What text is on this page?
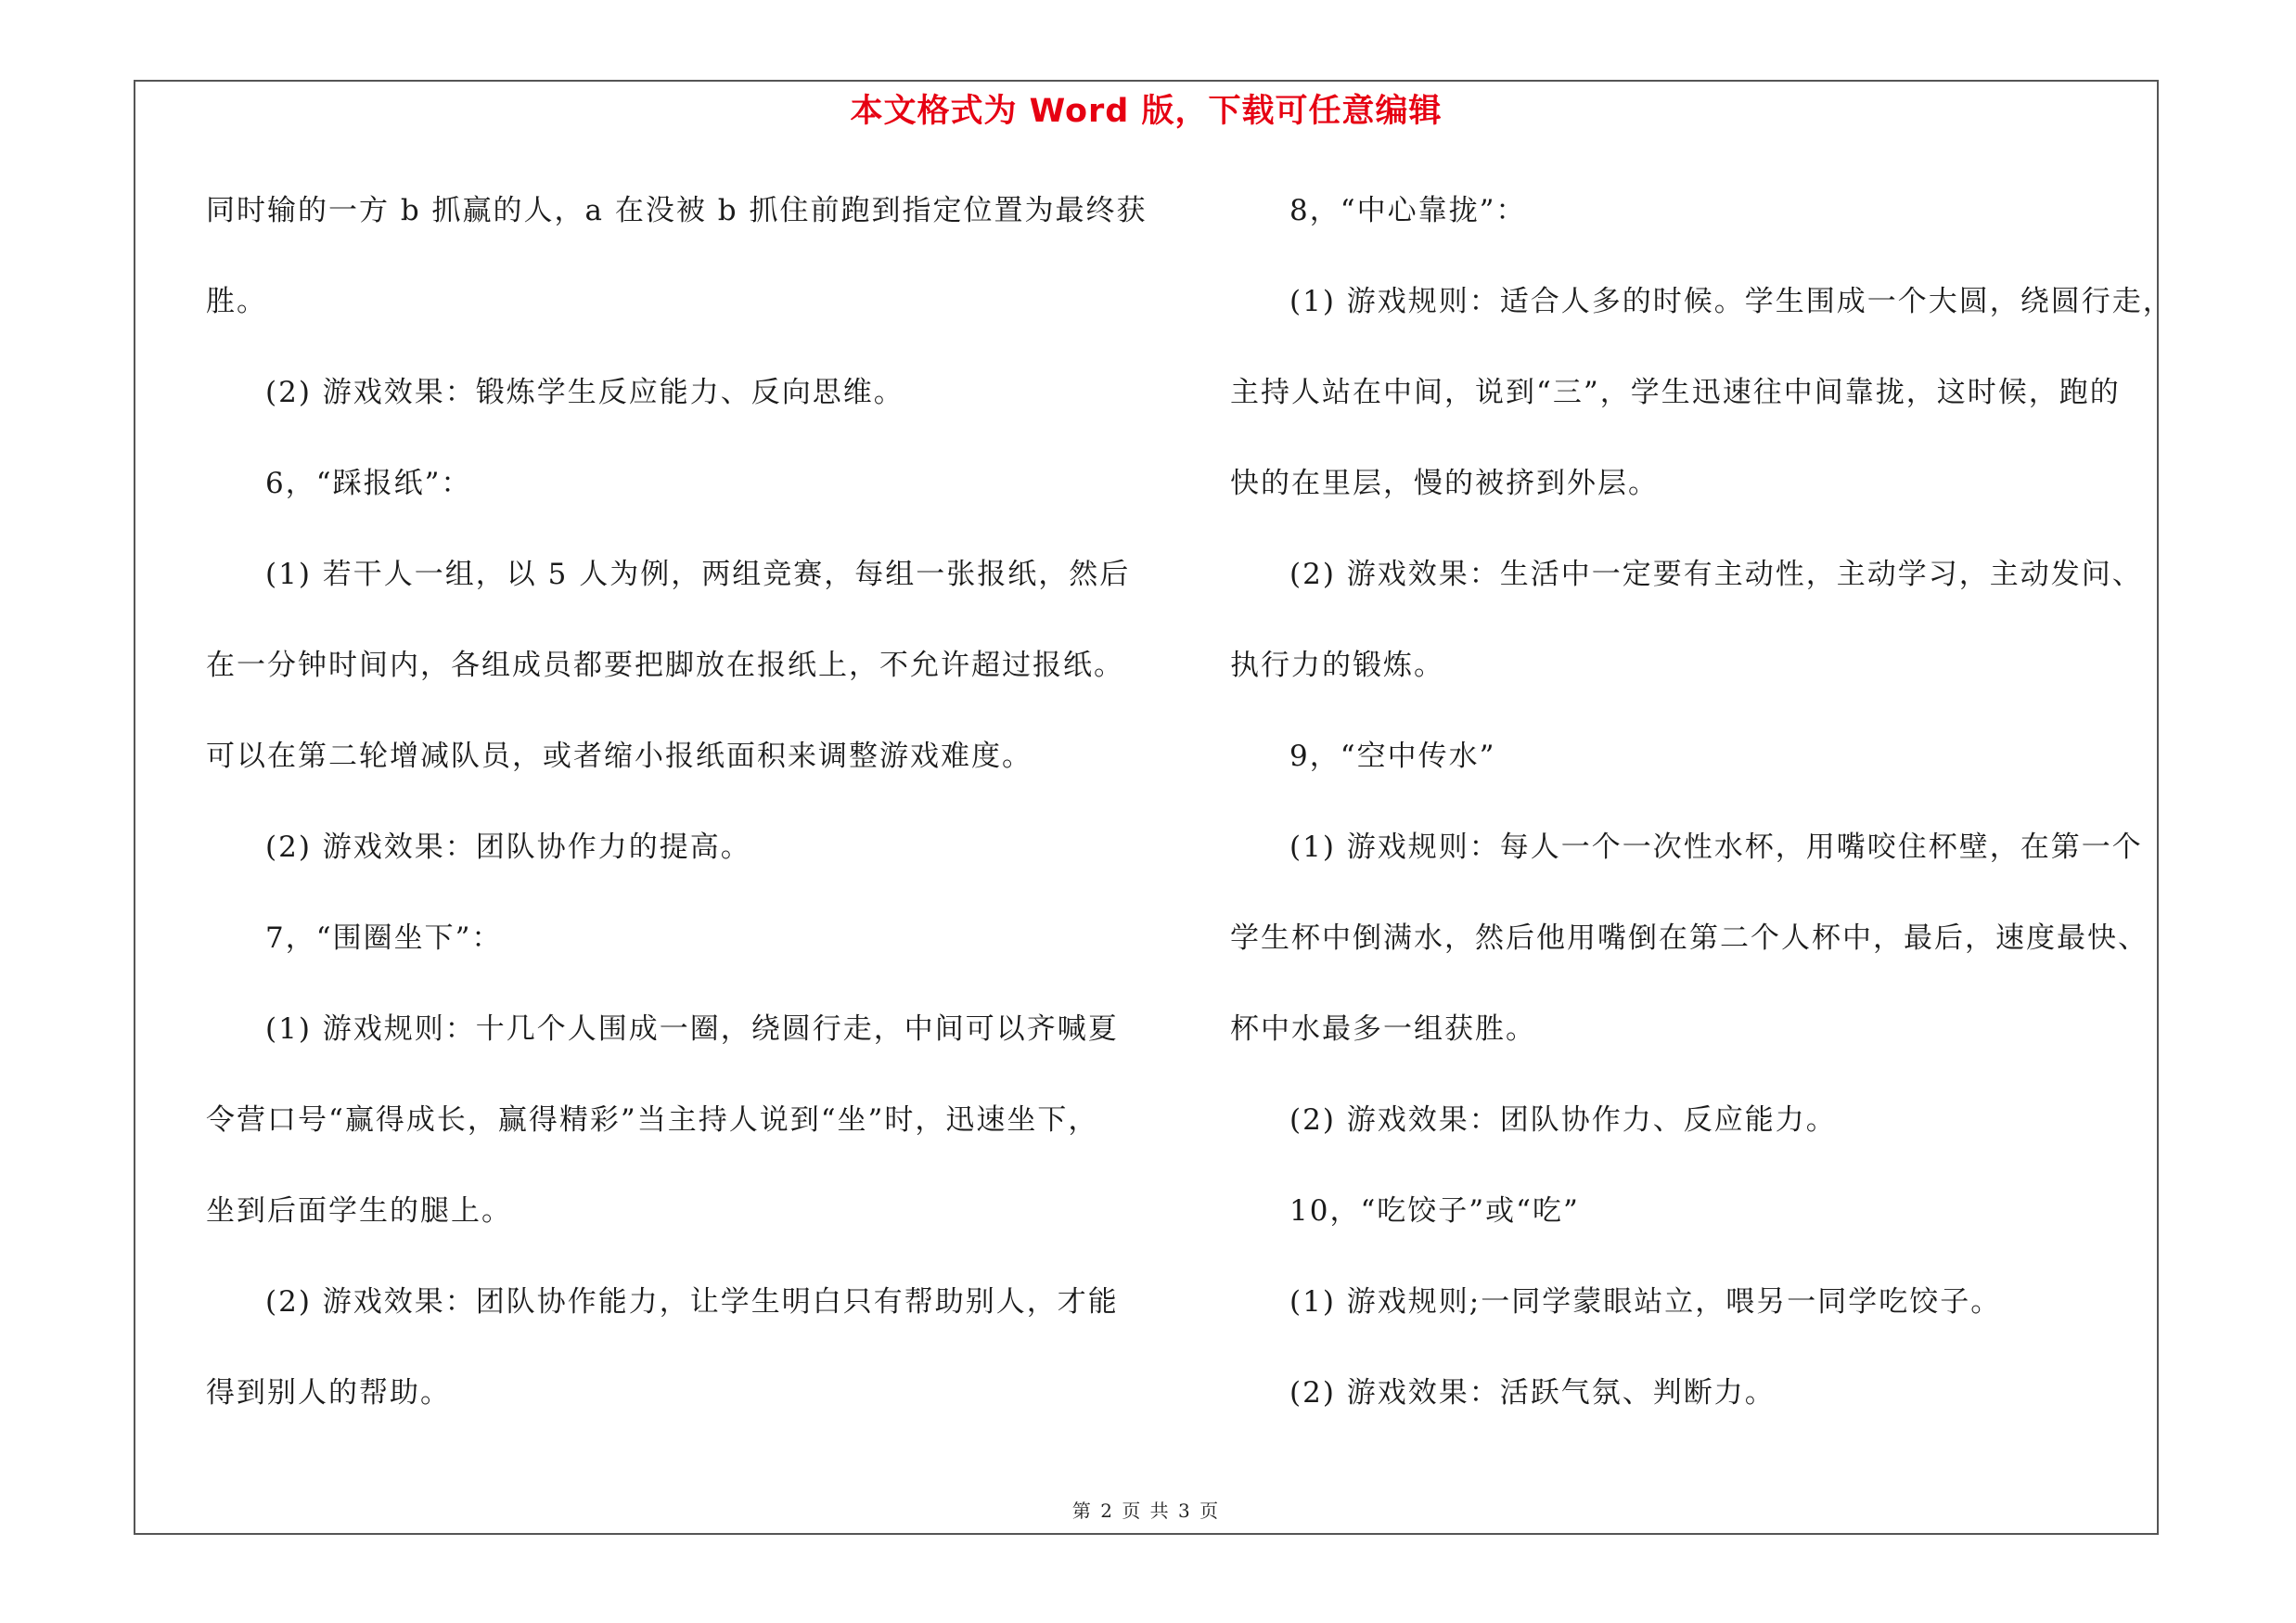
本文格式为 Word 版，下载可任意编辑

同时输的一方 b 抓赢的人，a 在没被 b 抓住前跑到指定位置为最终获

胜。

(2) 游戏效果：锻炼学生反应能力、反向思维。

6，“踩报纸”：

(1) 若干人一组，以 5 人为例，两组竞赛，每组一张报纸，然后

在一分钟时间内，各组成员都要把脚放在报纸上，不允许超过报纸。

可以在第二轮增减队员，或者缩小报纸面积来调整游戏难度。

(2) 游戏效果：团队协作力的提高。

7，“围圈坐下”：

(1) 游戏规则：十几个人围成一圈，绕圆行走，中间可以齐喊夏

令营口号“赢得成长，赢得精彩”当主持人说到“坐”时，迅速坐下，

坐到后面学生的腿上。

(2) 游戏效果：团队协作能力，让学生明白只有帮助别人，才能

得到别人的帮助。

8，“中心靠拢”：

(1) 游戏规则：适合人多的时候。学生围成一个大圆，绕圆行走，

主持人站在中间，说到“三”，学生迅速往中间靠拢，这时候，跑的

快的在里层，慢的被挤到外层。

(2) 游戏效果：生活中一定要有主动性，主动学习，主动发问、

执行力的锻炼。

9，“空中传水”

(1) 游戏规则：每人一个一次性水杯，用嘴咬住杯壁，在第一个

学生杯中倒满水，然后他用嘴倒在第二个人杯中，最后，速度最快、

杯中水最多一组获胜。

(2) 游戏效果：团队协作力、反应能力。

10，“吃饺子”或“吃”

(1) 游戏规则;一同学蒙眼站立，喂另一同学吃饺子。

(2) 游戏效果：活跃气氛、判断力。

第 2 页 共 3 页
